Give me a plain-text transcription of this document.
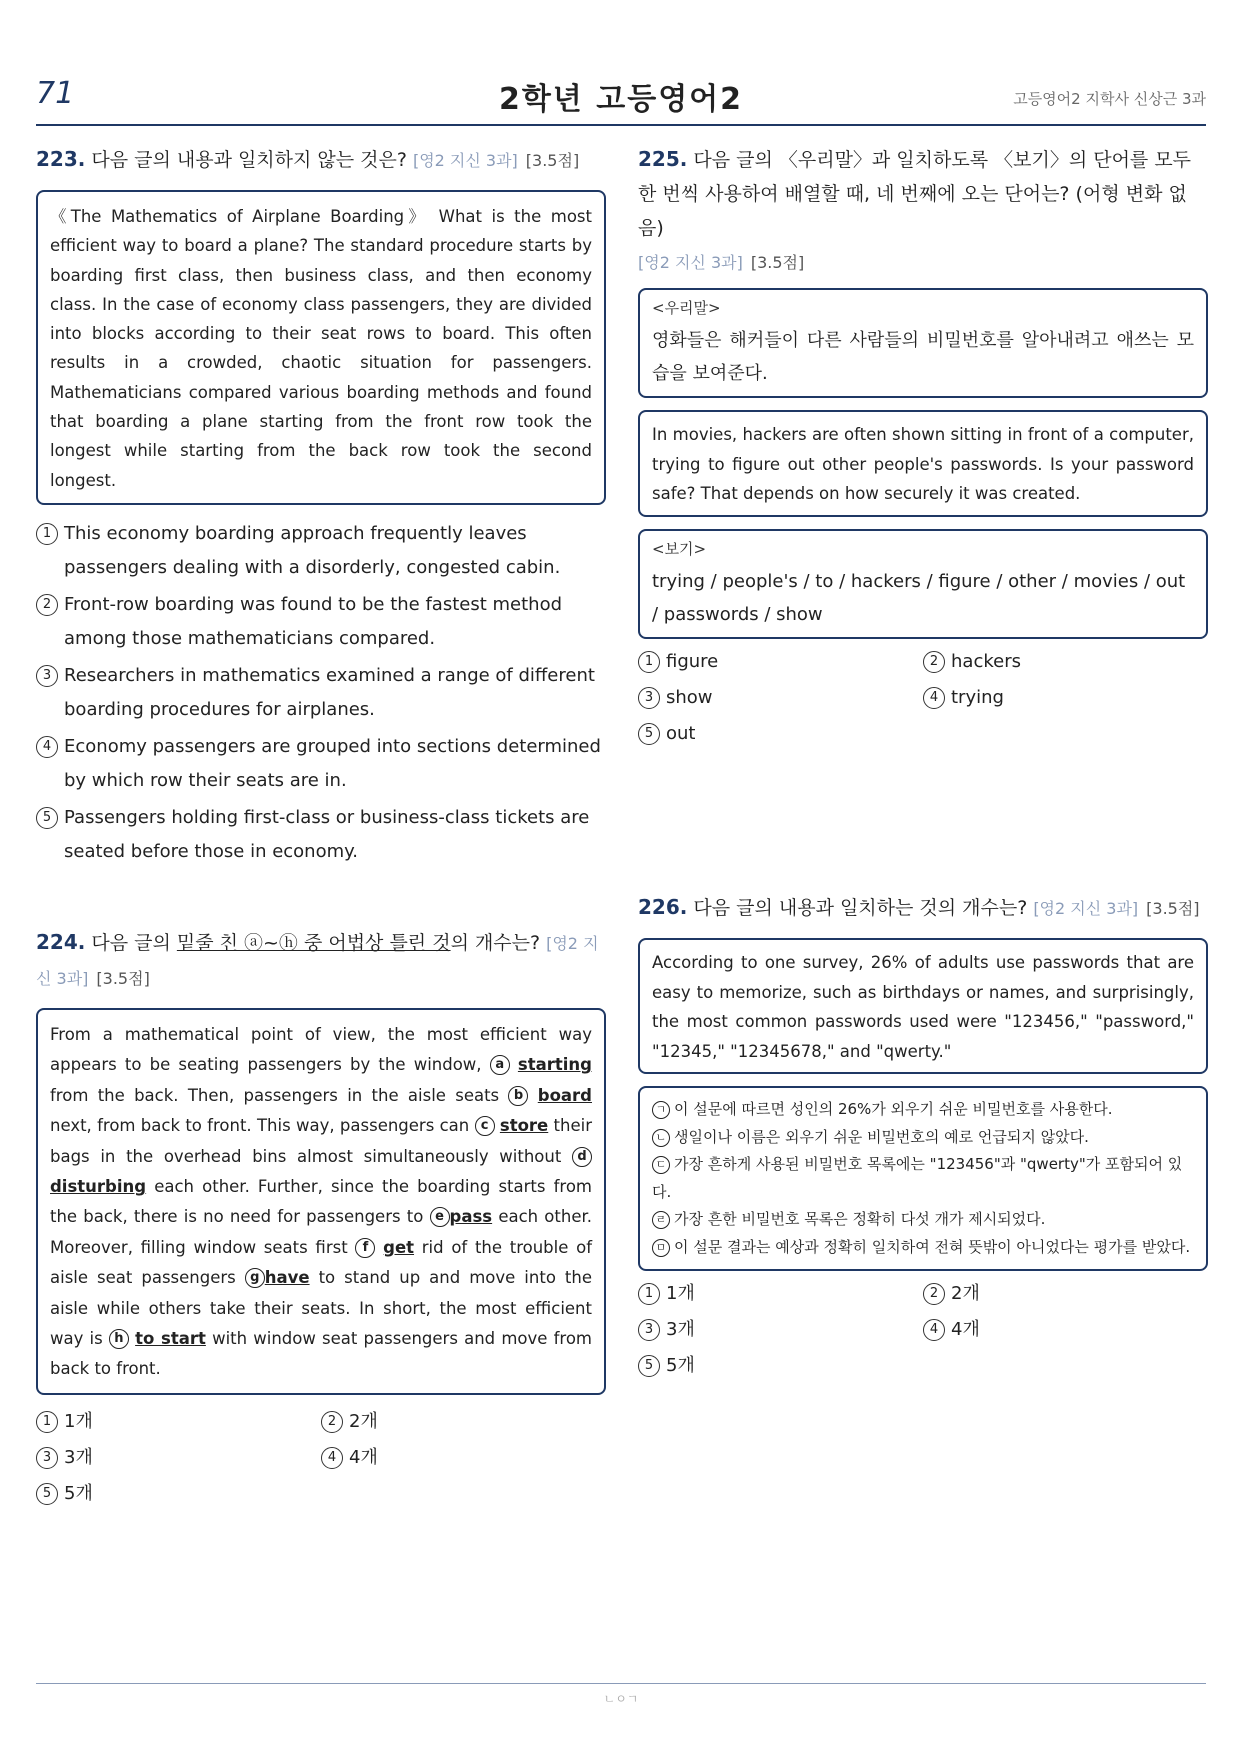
71	2학년 고등영어2	고등영어2 지학사 신상근 3과
223. 다음 글의 내용과 일치하지 않는 것은? [영2 지신 3과] [3.5점]
《The Mathematics of Airplane Boarding》 What is the most efficient way to board a plane? The standard procedure starts by boarding first class, then business class, and then economy class. In the case of economy class passengers, they are divided into blocks according to their seat rows to board. This often results in a crowded, chaotic situation for passengers. Mathematicians compared various boarding methods and found that boarding a plane starting from the front row took the longest while starting from the back row took the second longest.
1 This economy boarding approach frequently leaves passengers dealing with a disorderly, congested cabin.
2 Front-row boarding was found to be the fastest method among those mathematicians compared.
3 Researchers in mathematics examined a range of different boarding procedures for airplanes.
4 Economy passengers are grouped into sections determined by which row their seats are in.
5 Passengers holding first-class or business-class tickets are seated before those in economy.
224. 다음 글의 밑줄 친 ⓐ~ⓗ 중 어법상 틀린 것의 개수는? [영2 지신 3과] [3.5점]
From a mathematical point of view, the most efficient way appears to be seating passengers by the window, a starting from the back. Then, passengers in the aisle seats b board next, from back to front. This way, passengers can c store their bags in the overhead bins almost simultaneously without d disturbing each other. Further, since the boarding starts from the back, there is no need for passengers to e pass each other. Moreover, filling window seats first f get rid of the trouble of aisle seat passengers g have to stand up and move into the aisle while others take their seats. In short, the most efficient way is h to start with window seat passengers and move from back to front.
1 1개	2 2개
3 3개	4 4개
5 5개
225. 다음 글의 〈우리말〉과 일치하도록 〈보기〉의 단어를 모두 한 번씩 사용하여 배열할 때, 네 번째에 오는 단어는? (어형 변화 없음)
[영2 지신 3과] [3.5점]
<우리말>
영화들은 해커들이 다른 사람들의 비밀번호를 알아내려고 애쓰는 모습을 보여준다.
In movies, hackers are often shown sitting in front of a computer, trying to figure out other people's passwords. Is your password safe? That depends on how securely it was created.
<보기>
trying / people's / to / hackers / figure / other / movies / out / passwords / show
1 figure	2 hackers
3 show	4 trying
5 out
226. 다음 글의 내용과 일치하는 것의 개수는? [영2 지신 3과] [3.5점]
According to one survey, 26% of adults use passwords that are easy to memorize, such as birthdays or names, and surprisingly, the most common passwords used were "123456," "password," "12345," "12345678," and "qwerty."
ㄱ 이 설문에 따르면 성인의 26%가 외우기 쉬운 비밀번호를 사용한다.
ㄴ 생일이나 이름은 외우기 쉬운 비밀번호의 예로 언급되지 않았다.
ㄷ 가장 흔하게 사용된 비밀번호 목록에는 "123456"과 "qwerty"가 포함되어 있다.
ㄹ 가장 흔한 비밀번호 목록은 정확히 다섯 개가 제시되었다.
ㅁ 이 설문 결과는 예상과 정확히 일치하여 전혀 뜻밖이 아니었다는 평가를 받았다.
1 1개	2 2개
3 3개	4 4개
5 5개
ㄴㅇㄱ
